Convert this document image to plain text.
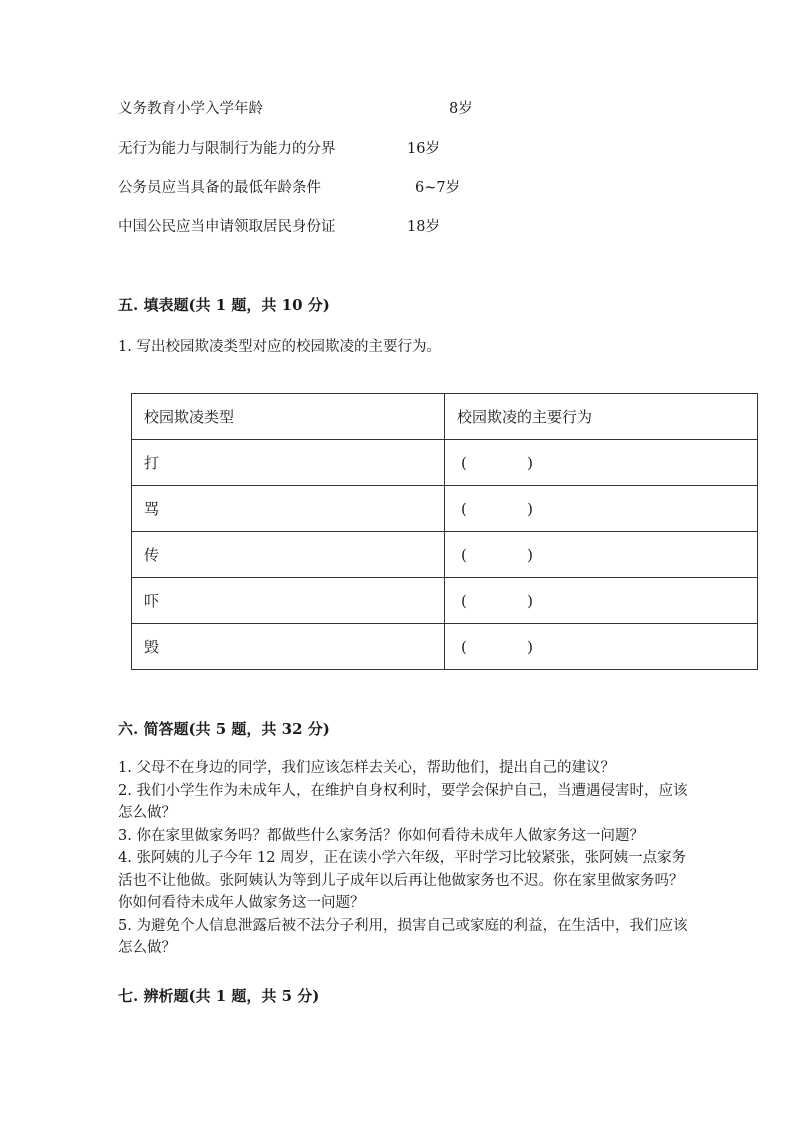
义务教育小学入学年龄	8岁
无行为能力与限制行为能力的分界	16岁
公务员应当具备的最低年龄条件	6~7岁
中国公民应当申请领取居民身份证	18岁
五. 填表题(共 1 题，共 10 分)
1. 写出校园欺凌类型对应的校园欺凌的主要行为。
校园欺凌类型	校园欺凌的主要行为
打	(
)

骂	(
)

传	(
)

吓	(
)

毁	(
)
六. 简答题(共 5 题，共 32 分)
1. 父母不在身边的同学，我们应该怎样去关心，帮助他们，提出自己的建议？
2. 我们小学生作为未成年人，在维护自身权利时，要学会保护自己，当遭遇侵害时，应该怎么做？
3. 你在家里做家务吗？都做些什么家务活？你如何看待未成年人做家务这一问题？
4. 张阿姨的儿子今年 12 周岁，正在读小学六年级，平时学习比较紧张，张阿姨一点家务活也不让他做。张阿姨认为等到儿子成年以后再让他做家务也不迟。你在家里做家务吗？你如何看待未成年人做家务这一问题？
5. 为避免个人信息泄露后被不法分子利用，损害自己或家庭的利益，在生活中，我们应该怎么做？
七. 辨析题(共 1 题，共 5 分)
